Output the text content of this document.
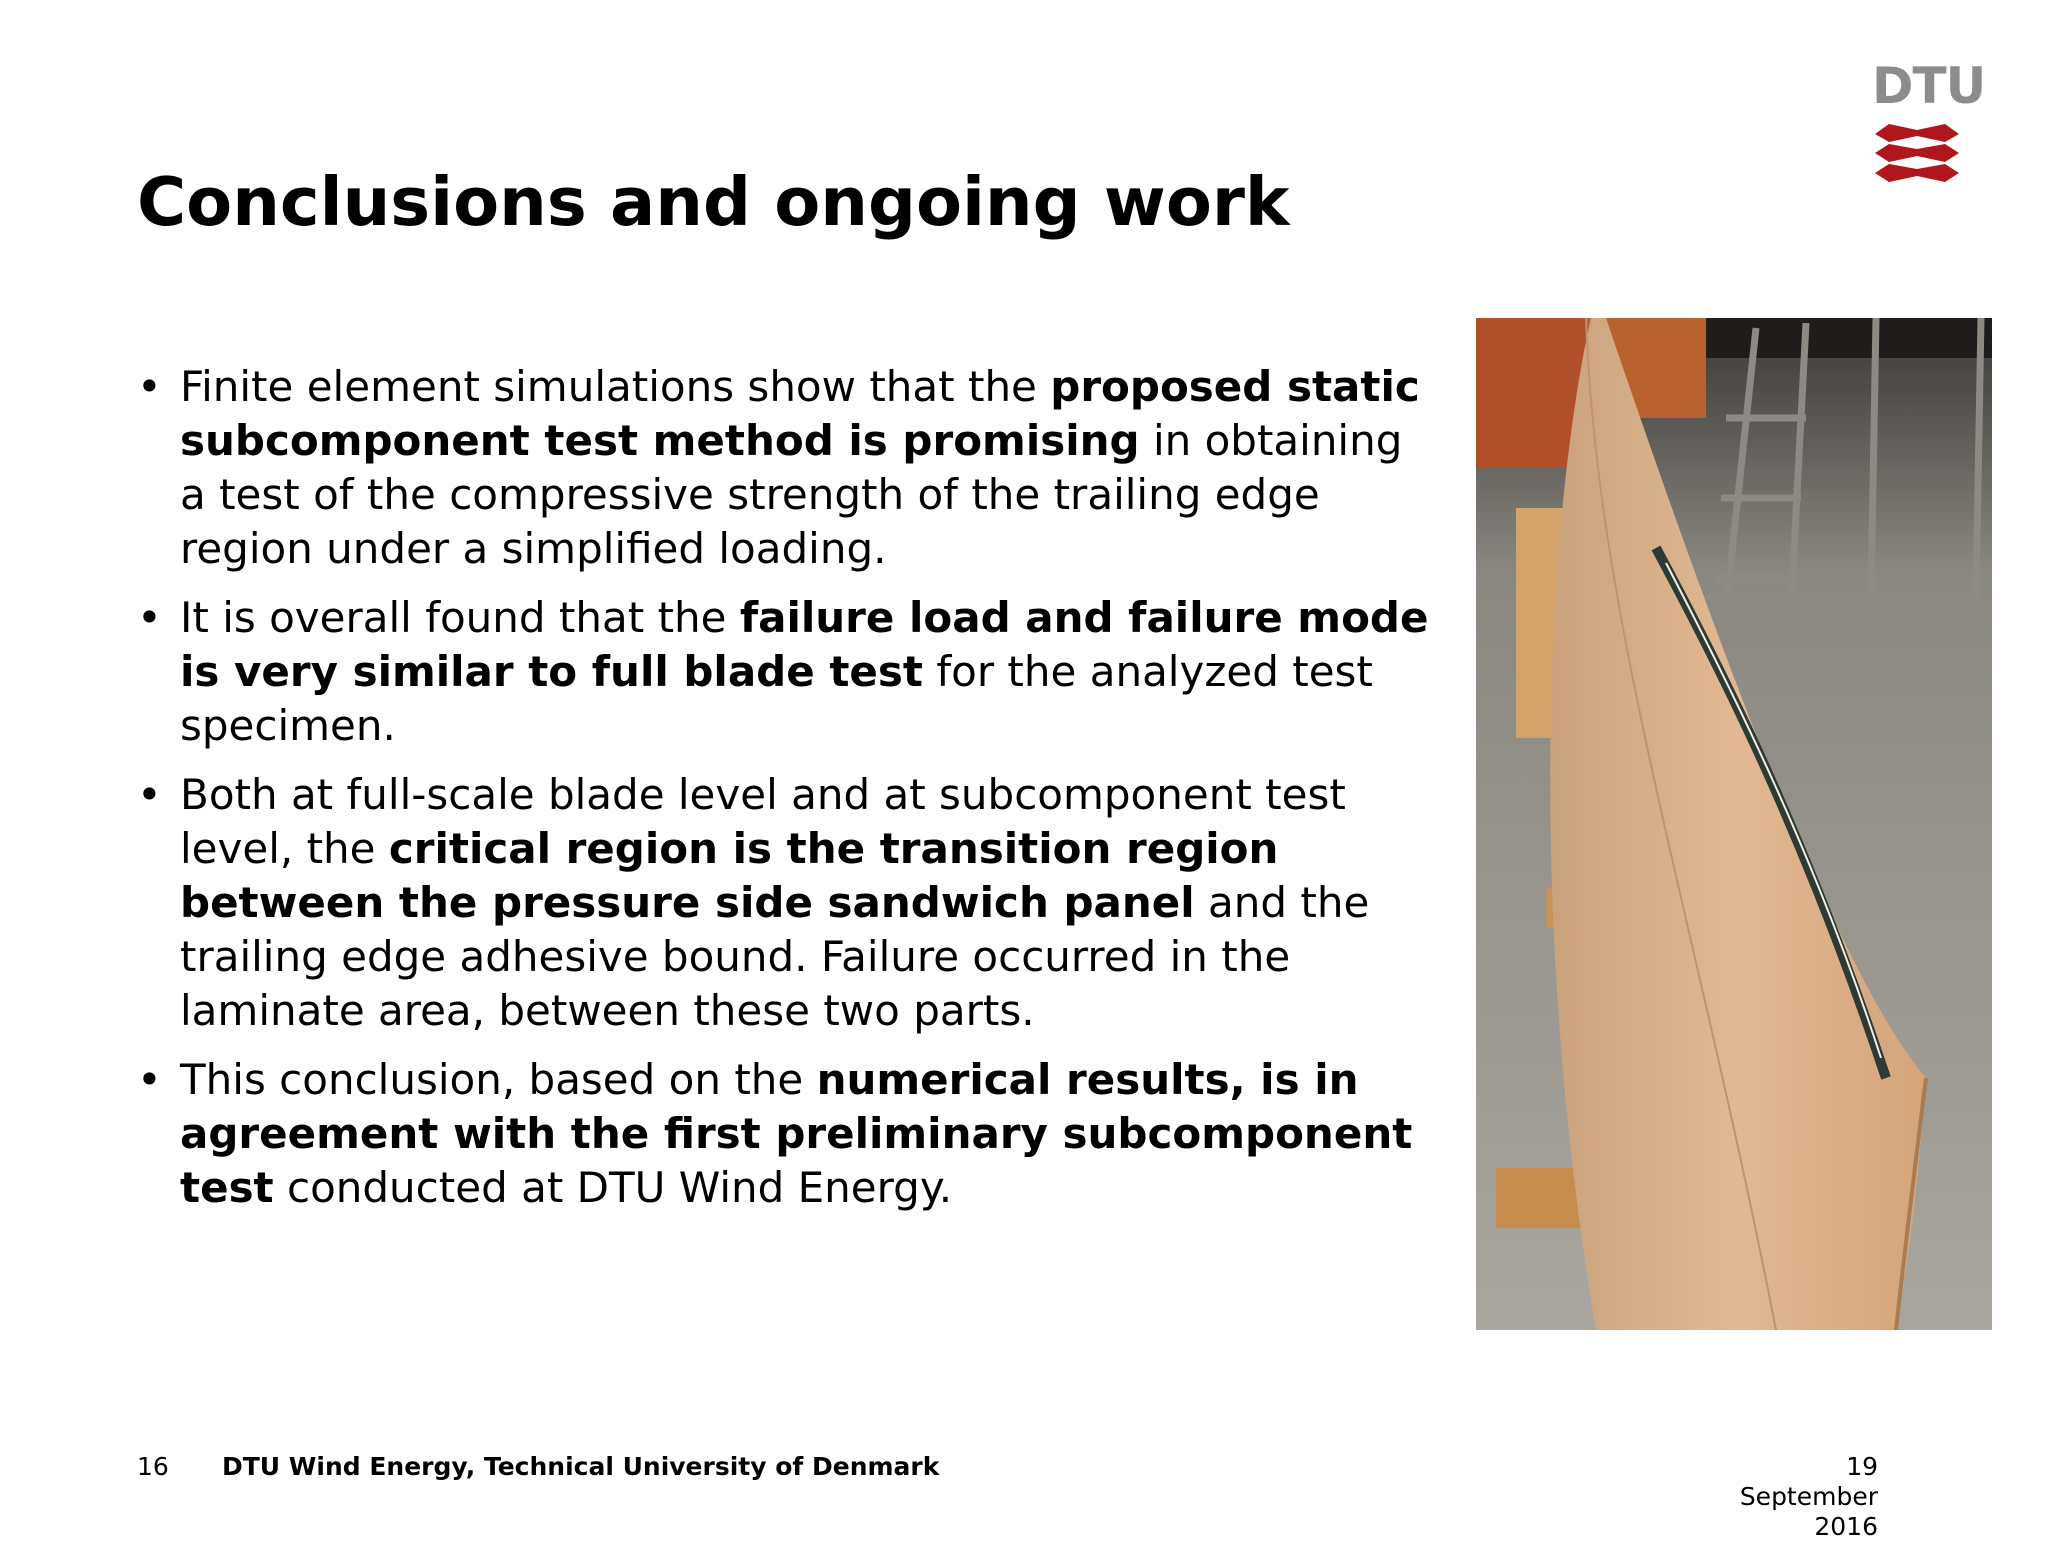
DTU
Conclusions and ongoing work
• Finite element simulations show that the proposed static subcomponent test method is promising in obtaining a test of the compressive strength of the trailing edge region under a simplified loading.
• It is overall found that the failure load and failure mode is very similar to full blade test for the analyzed test specimen.
• Both at full-scale blade level and at subcomponent test level, the critical region is the transition region between the pressure side sandwich panel and the trailing edge adhesive bound. Failure occurred in the laminate area, between these two parts.
• This conclusion, based on the numerical results, is in agreement with the first preliminary subcomponent test conducted at DTU Wind Energy.
16 DTU Wind Energy, Technical University of Denmark	19
September
2016
